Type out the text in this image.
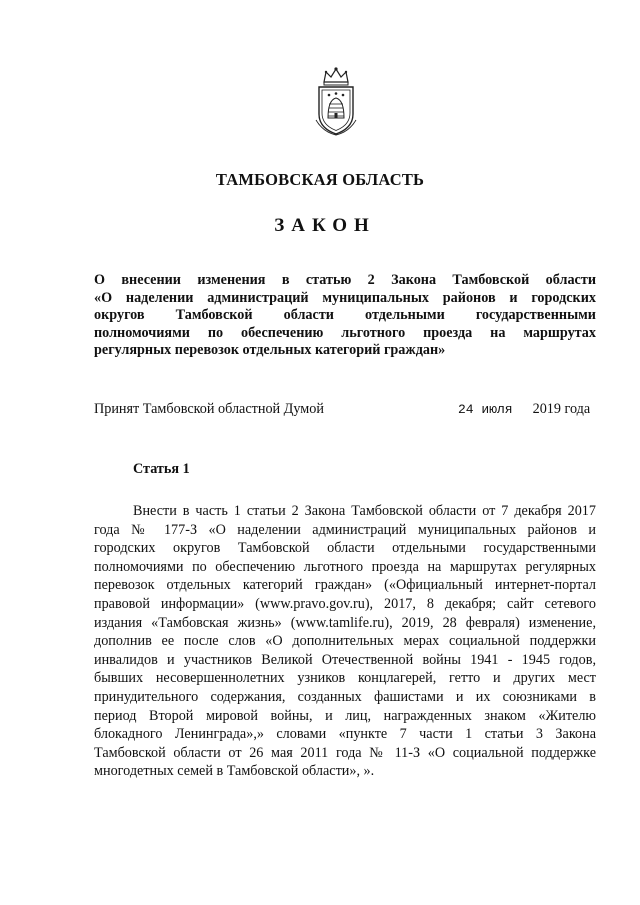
ТАМБОВСКАЯ ОБЛАСТЬ
ЗАКОН
О внесении изменения в статью 2 Закона Тамбовской области
«О наделении администраций муниципальных районов и городских
округов Тамбовской области отдельными государственными
полномочиями по обеспечению льготного проезда на маршрутах
регулярных перевозок отдельных категорий граждан»
Принят Тамбовской областной Думой	24 июля 2019 года
Статья 1
Внести в часть 1 статьи 2 Закона Тамбовской области от 7 декабря 2017
года № 177-З «О наделении администраций муниципальных районов и
городских округов Тамбовской области отдельными государственными
полномочиями по обеспечению льготного проезда на маршрутах регулярных
перевозок отдельных категорий граждан» («Официальный интернет-портал
правовой информации» (www.pravo.gov.ru), 2017, 8 декабря; сайт сетевого
издания «Тамбовская жизнь» (www.tamlife.ru), 2019, 28 февраля) изменение,
дополнив ее после слов «О дополнительных мерах социальной поддержки
инвалидов и участников Великой Отечественной войны 1941 - 1945 годов,
бывших несовершеннолетних узников концлагерей, гетто и других мест
принудительного содержания, созданных фашистами и их союзниками в
период Второй мировой войны, и лиц, награжденных знаком «Жителю
блокадного Ленинграда»,» словами «пункте 7 части 1 статьи 3 Закона
Тамбовской области от 26 мая 2011 года № 11-З «О социальной поддержке
многодетных семей в Тамбовской области», ».
